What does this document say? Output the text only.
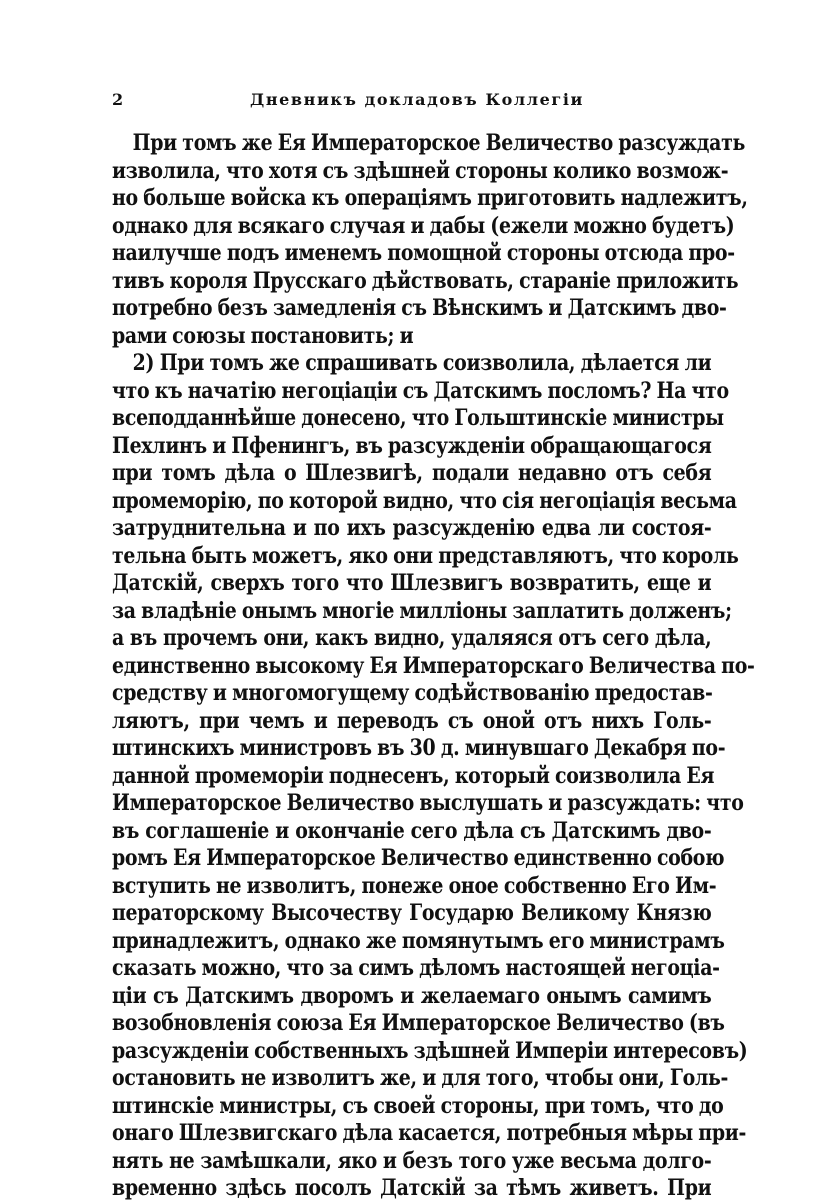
2	Дневникъ докладовъ Коллегіи
При томъ же Ея Императорское Величество разсуждать
изволила, что хотя съ здѣшней стороны колико возмож-
но больше войска къ операціямъ приготовить надлежитъ,
однако для всякаго случая и дабы (ежели можно будетъ)
наилучше подъ именемъ помощной стороны отсюда про-
тивъ короля Прусскаго дѣйствовать, стараніе приложить
потребно безъ замедленія съ Вѣнскимъ и Датскимъ дво-
рами союзы постановить; и
2) При томъ же спрашивать соизволила, дѣлается ли
что къ начатію негоціаціи съ Датскимъ посломъ? На что
всеподданнѣйше донесено, что Гольштинскіе министры
Пехлинъ и Пфенингъ, въ разсужденіи обращающагося
при томъ дѣла о Шлезвигѣ, подали недавно отъ себя
промеморію, по которой видно, что сія негоціація весьма
затруднительна и по ихъ разсужденію едва ли состоя-
тельна быть можетъ, яко они представляютъ, что король
Датскій, сверхъ того что Шлезвигъ возвратить, еще и
за владѣніе онымъ многіе милліоны заплатить долженъ;
а въ прочемъ они, какъ видно, удаляяся отъ сего дѣла,
единственно высокому Ея Императорскаго Величества по-
средству и многомогущему содѣйствованію предостав-
ляютъ, при чемъ и переводъ съ оной отъ нихъ Голь-
штинскихъ министровъ въ 30 д. минувшаго Декабря по-
данной промеморіи поднесенъ, который соизволила Ея
Императорское Величество выслушать и разсуждать: что
въ соглашеніе и окончаніе сего дѣла съ Датскимъ дво-
ромъ Ея Императорское Величество единственно собою
вступить не изволитъ, понеже оное собственно Его Им-
ператорскому Высочеству Государю Великому Князю
принадлежитъ, однако же помянутымъ его министрамъ
сказать можно, что за симъ дѣломъ настоящей негоціа-
ціи съ Датскимъ дворомъ и желаемаго онымъ самимъ
возобновленія союза Ея Императорское Величество (въ
разсужденіи собственныхъ здѣшней Имперіи интересовъ)
остановить не изволитъ же, и для того, чтобы они, Голь-
штинскіе министры, съ своей стороны, при томъ, что до
онаго Шлезвигскаго дѣла касается, потребныя мѣры при-
нять не замѣшкали, яко и безъ того уже весьма долго-
временно здѣсь посолъ Датскій за тѣмъ живетъ. При
